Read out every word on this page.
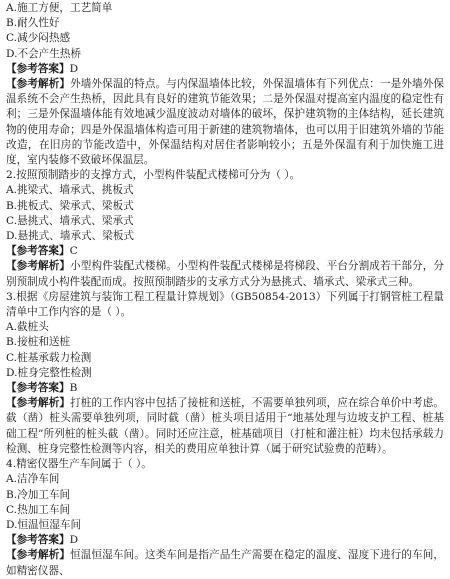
A.施工方便，工艺简单
B.耐久性好
C.减少闷热感
D.不会产生热桥
【参考答案】D
【参考解析】外墙外保温的特点。与内保温墙体比较，外保温墙体有下列优点：一是外墙外保温系统不会产生热桥，因此具有良好的建筑节能效果；二是外保温对提高室内温度的稳定性有利；三是外保温墙体能有效地减少温度波动对墙体的破坏，保护建筑物的主体结构，延长建筑物的使用寿命；四是外保温墙体构造可用于新建的建筑物墙体，也可以用于旧建筑外墙的节能改造，在旧房的节能改造中，外保温结构对居住者影响较小；五是外保温有利于加快施工进度，室内装修不致破坏保温层。
2.按照预制踏步的支撑方式，小型构件装配式楼梯可分为（ ）。
A.挑梁式、墙承式、挑板式
B.挑板式、梁承式、梁板式
C.悬挑式、墙承式、梁承式
D.悬挑式、墙承式、梁板式
【参考答案】C
【参考解析】小型构件装配式楼梯。小型构件装配式楼梯是将梯段、平台分割成若干部分，分别预制成小构件装配而成。按照预制踏步的支承方式分为悬挑式、墙承式、梁承式三种。
3.根据《房屋建筑与装饰工程工程量计算规划》（GB50854-2013）下列属于打钢管桩工程量清单中工作内容的是（ ）。
A.截桩头
B.接桩和送桩
C.桩基承载力检测
D.桩身完整性检测
【参考答案】B
【参考解析】打桩的工作内容中包括了接桩和送桩，不需要单独列项，应在综合单价中考虑。截（凿）桩头需要单独列项，同时截（凿）桩头项目适用于“地基处理与边坡支护工程、桩基础工程”所列桩的桩头截（凿）。同时还应注意，桩基础项目（打桩和灌注桩）均未包括承载力检测、桩身完整性检测等内容，相关的费用应单独计算（属于研究试验费的范畴）。
4.精密仪器生产车间属于（ ）。
A.洁净车间
B.冷加工车间
C.热加工车间
D.恒温恒湿车间
【参考答案】D
【参考解析】恒温恒湿车间。这类车间是指产品生产需要在稳定的温度、湿度下进行的车间，如精密仪器、
